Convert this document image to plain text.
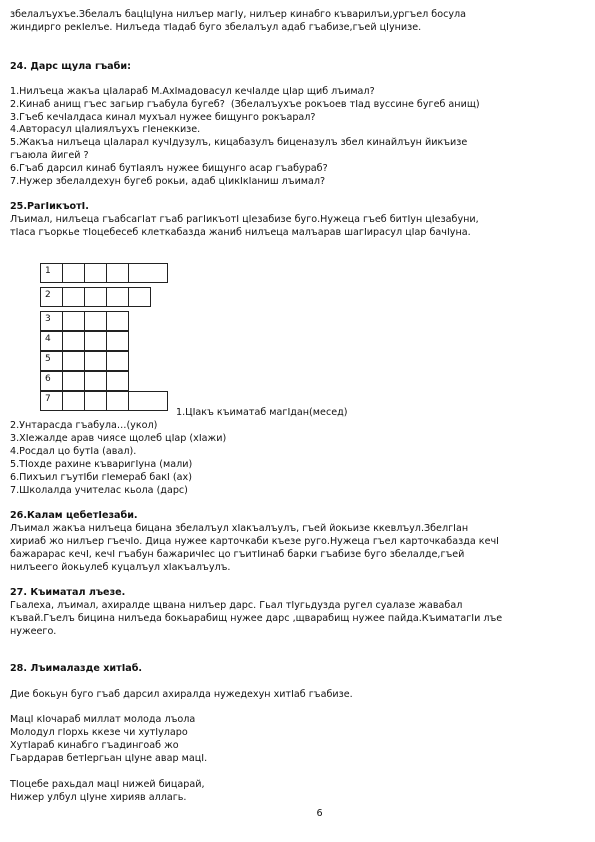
збелалъухъе.Збелалъ бацӀцӀуна нилъер магӀу, нилъер кинабго къварилъи,ургъел босула
жиндирго рекӀелъе. Нилъеда тӀадаб буго збелалъул адаб гъабизе,гъей цӀунизе.
24. Дарс щула гъаби:
1.Нилъеца жакъа цӀалараб М.АхӀмадовасул кечӀалде цӀар щиб лъимал?
2.Кинаб анищ гъес загьир гъабула бугеб?  (Збелалъухъе рокъоев тӀад вуссине бугеб анищ)
3.Гъеб кечӀалдаса кинал мухъал нужее бищунго рокъарал?
4.Авторасул цӀалиялъухъ гӀенеккизе.
5.Жакъа нилъеца цӀаларал кучӀдузулъ, кицабазулъ биценазулъ збел кинайлъун йикъизе
гъаюла йигей ?
6.Гъаб дарсил кинаб бутӀаялъ нужее бищунго асар гъабураб?
7.Нужер збелалдехун бугеб рокьи, адаб цӀикӀкӀаниш лъимал?
25.РагӀикъотӀ.
Лъимал, нилъеца гъабсагӀат гъаб рагӀикъотӀ цӀезабизе буго.Нужеца гъеб битӀун цӀезабуни,
тӀаса гъоркье тӀоцебесеб клеткабазда жаниб нилъеца малъарав шагӀирасул цӀар бачӀуна.
1
2
3
4
5
6
7
1.ЦӀакъ къиматаб магӀдан(месед)
2.Унтарасда гъабула…(укол)
3.ХӀежалде арав чиясе щолеб цӀар (хӀажи)
4.Росдал цо бутӀа (авал).
5.ТӀохде рахине къваригӀуна (мали)
6.Пихъил гъутӀби гӀемераб бакӀ (ах)
7.Школалда учителас кьола (дарс)
26.Калам цебетӀезаби.
Лъимал жакъа нилъеца бицана збелалъул хӀакъалъулъ, гъей йокьизе ккевлъул.ЗбелгӀан
хириаб жо нилъер гъечӀо. Дица нужее карточкаби къезе руго.Нужеца гъел карточкабазда кечӀ
бажарарас кечӀ, кечӀ гъабун бажаричӀес цо гъитӀинаб барки гъабизе буго збелалде,гъей
нилъеего йокьулеб куцалъул хӀакъалъулъ.
27. Къиматал лъезе.
Гьалеха, лъимал, ахиралде щвана нилъер дарс. Гьал тӀугьдузда ругел суалазе жавабал
къвай.Гъелъ бицина нилъеда бокьарабищ нужее дарс ,щварабищ нужее пайда.КъиматагӀи лъе
нужеего.
28. Лъималазде хитӀаб.
Дие бокьун буго гъаб дарсил ахиралда нужедехун хитӀаб гъабизе.
МацӀ кӀочараб миллат молода лъола
Молодул гӀорхь ккезе чи хутӀуларо
ХутӀараб кинабго гъадингоаб жо
Гьардарав бетӀергьан цӀуне авар мацӀ.
ТӀоцебе рахьдал мацӀ нижей бицарай,
Нижер улбул цӀуне хирияв аллагь.
6
